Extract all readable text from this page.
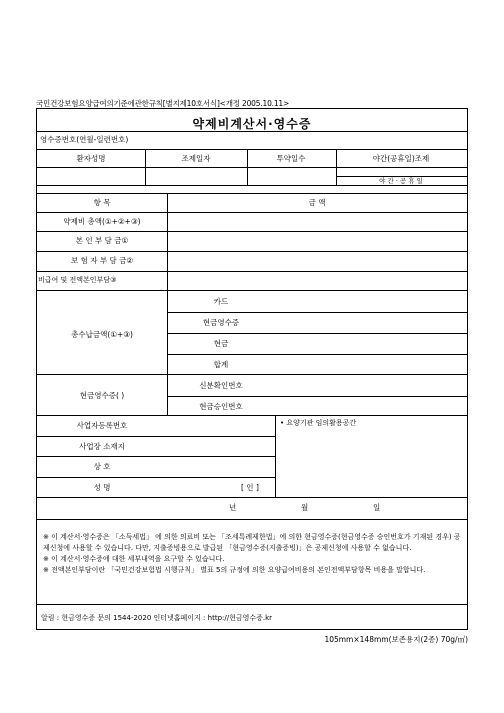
국민건강보험요양급여의기준에관한규칙[별지제10호서식]<개정 2005.10.11>
약제비계산서·영수증
영수증번호(연월-일련번호)
환자성명	조제일자	투약일수	야간(공휴일)조제
야 간 · 공 휴 일
항 목	금 액
약제비 총액(①+②+③)
본 인 부 담 금①
보 험 자 부 담 금②
비급여 및 전액본인부담③
총수납금액(①+③)
카드
현금영수증
현금
합계
현금영수증( )
신분확인번호
현금승인번호
사업자등록번호
사업장 소재지
상 호
성 명	[ 인 ]
• 요양기관 임의활용공간
년	월	일

※ 이 계산서·영수증은 「소득세법」 에 의한 의료비 또는 「조세특례제한법」에 의한 현금영수증(현금영수증 승인번호가 기재된 경우) 공제신청에 사용할 수 있습니다. 다만, 지출증빙용으로 발급된 「현금영수증(지출증빙)」은 공제신청에 사용할 수 없습니다.

※ 이 계산서·영수증에 대한 세부내역을 요구할 수 있습니다.

※ 전액본인부담이란 「국민건강보험법 시행규칙」 별표 5의 규정에 의한 요양급여비용의 본인전액부담항목 비용을 말합니다.

알림 : 현금영수증 문의 1544-2020 인터넷홈페이지 : http://현금영수증.kr
105mm×148mm(보존용지(2종) 70g/㎡)
